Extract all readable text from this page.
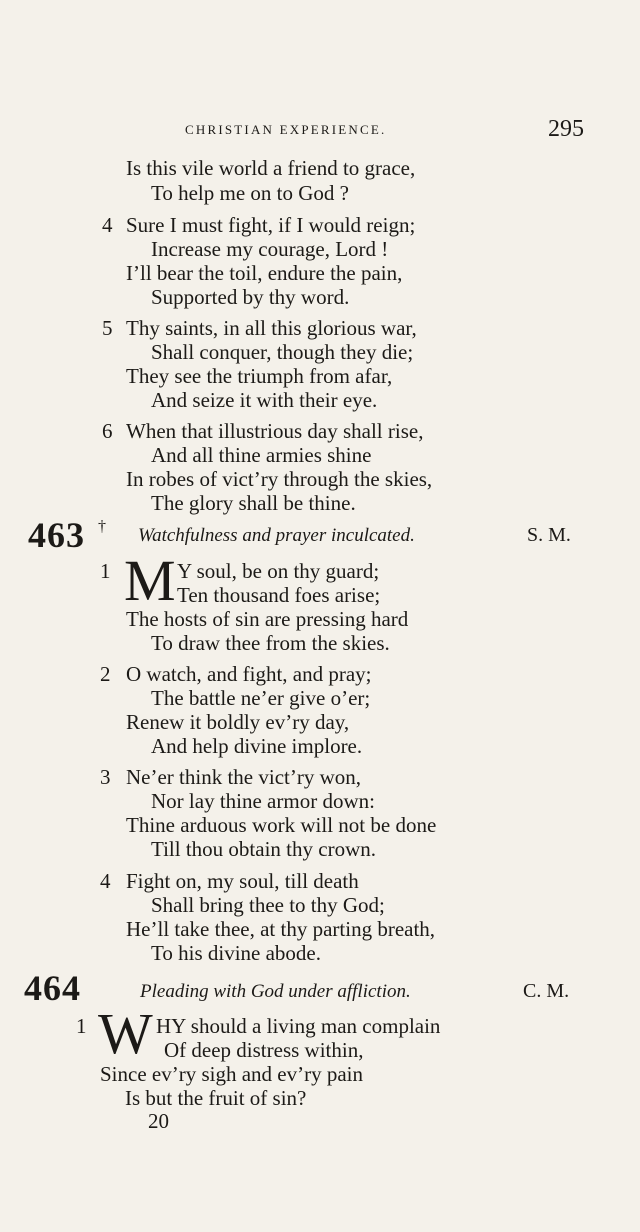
CHRISTIAN EXPERIENCE.	295
Is this vile world a friend to grace,
To help me on to God ?
4 Sure I must fight, if I would reign;
Increase my courage, Lord !
I’ll bear the toil, endure the pain,
Supported by thy word.
5 Thy saints, in all this glorious war,
Shall conquer, though they die;
They see the triumph from afar,
And seize it with their eye.
6 When that illustrious day shall rise,
And all thine armies shine
In robes of vict’ry through the skies,
The glory shall be thine.
463 † Watchfulness and prayer inculcated.	S. M.
1 M Y soul, be on thy guard;
Ten thousand foes arise;
The hosts of sin are pressing hard
To draw thee from the skies.
2 O watch, and fight, and pray;
The battle ne’er give o’er;
Renew it boldly ev’ry day,
And help divine implore.
3 Ne’er think the vict’ry won,
Nor lay thine armor down:
Thine arduous work will not be done
Till thou obtain thy crown.
4 Fight on, my soul, till death
Shall bring thee to thy God;
He’ll take thee, at thy parting breath,
To his divine abode.
464	Pleading with God under affliction.	C. M.
1 W HY should a living man complain
Of deep distress within,
Since ev’ry sigh and ev’ry pain
Is but the fruit of sin?
20
